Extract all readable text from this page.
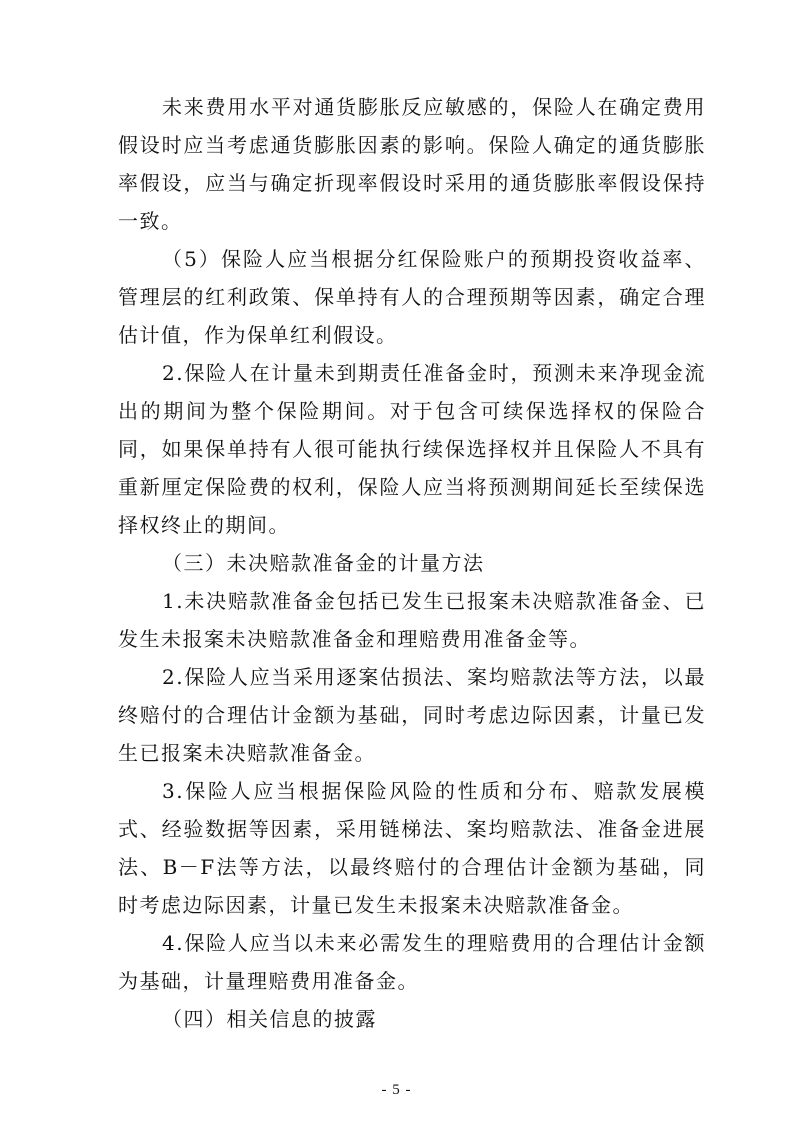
未来费用水平对通货膨胀反应敏感的，保险人在确定费用假设时应当考虑通货膨胀因素的影响。保险人确定的通货膨胀率假设，应当与确定折现率假设时采用的通货膨胀率假设保持一致。

（5）保险人应当根据分红保险账户的预期投资收益率、管理层的红利政策、保单持有人的合理预期等因素，确定合理估计值，作为保单红利假设。

2.保险人在计量未到期责任准备金时，预测未来净现金流出的期间为整个保险期间。对于包含可续保选择权的保险合同，如果保单持有人很可能执行续保选择权并且保险人不具有重新厘定保险费的权利，保险人应当将预测期间延长至续保选择权终止的期间。

（三）未决赔款准备金的计量方法

1.未决赔款准备金包括已发生已报案未决赔款准备金、已发生未报案未决赔款准备金和理赔费用准备金等。

2.保险人应当采用逐案估损法、案均赔款法等方法，以最终赔付的合理估计金额为基础，同时考虑边际因素，计量已发生已报案未决赔款准备金。

3.保险人应当根据保险风险的性质和分布、赔款发展模式、经验数据等因素，采用链梯法、案均赔款法、准备金进展法、B－F法等方法，以最终赔付的合理估计金额为基础，同时考虑边际因素，计量已发生未报案未决赔款准备金。

4.保险人应当以未来必需发生的理赔费用的合理估计金额为基础，计量理赔费用准备金。

（四）相关信息的披露

- 5 -
